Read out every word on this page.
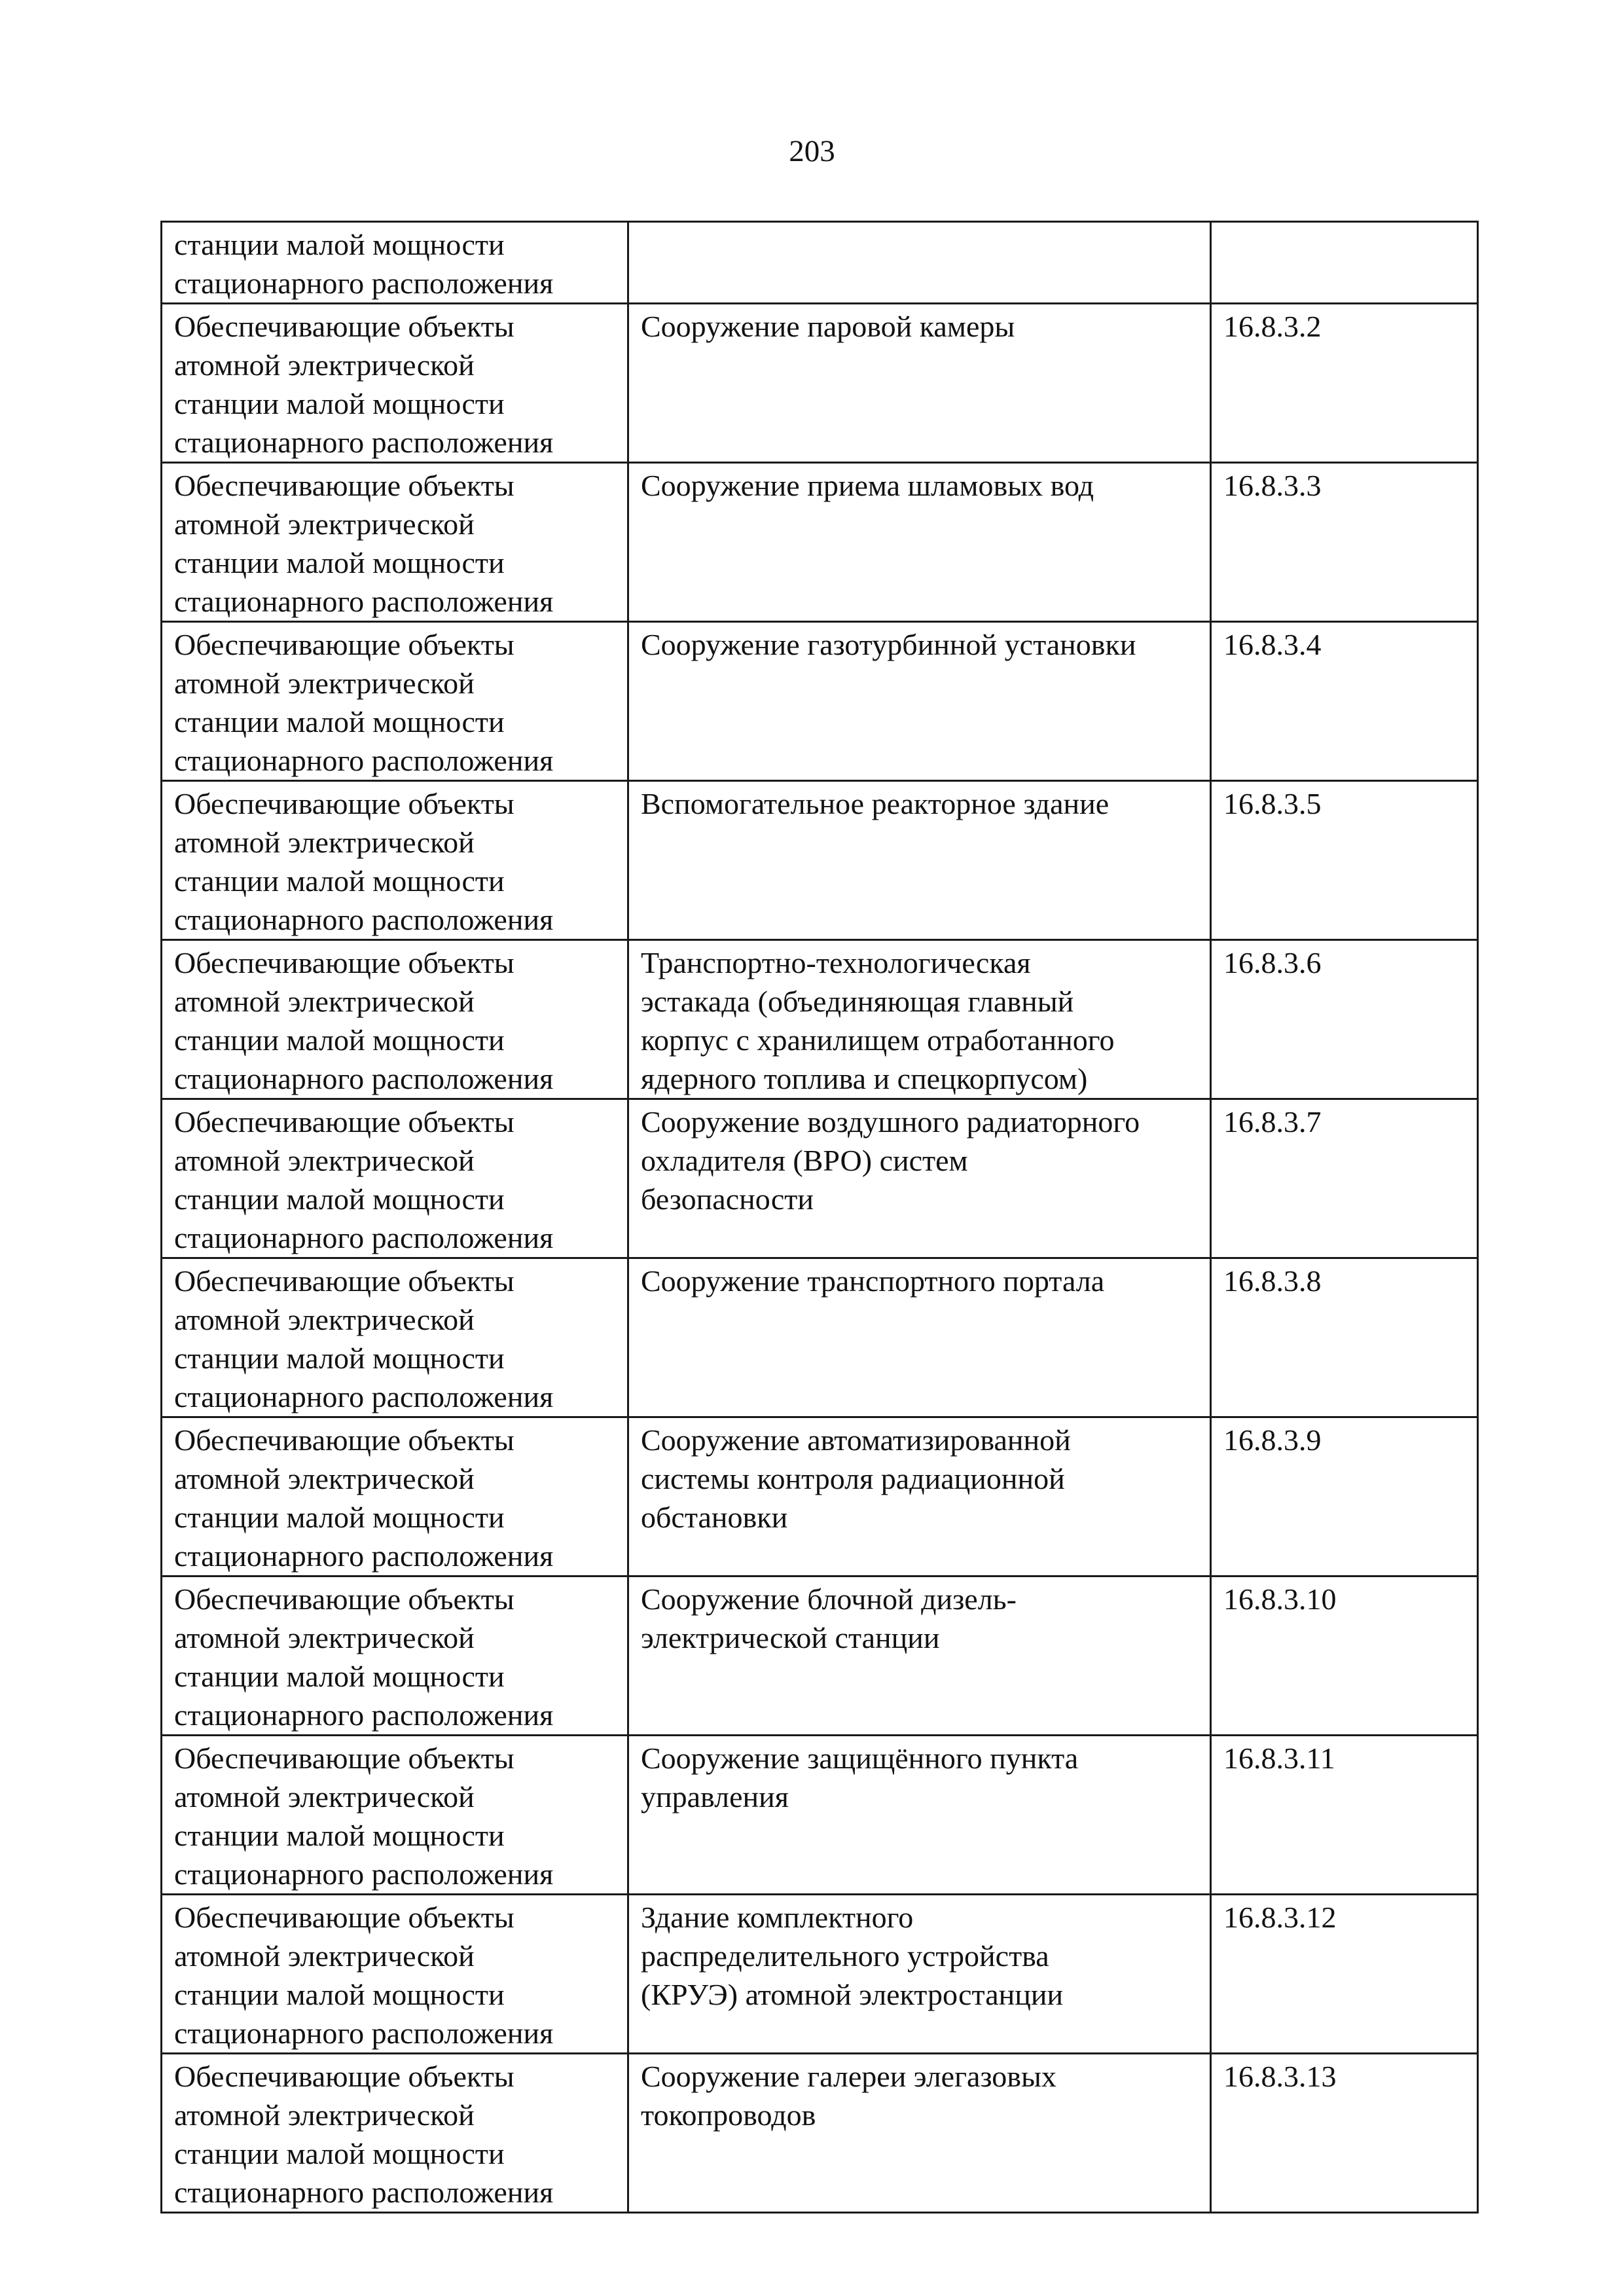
203
станции малой мощности
стационарного расположения		

Обеспечивающие объекты
атомной электрической
станции малой мощности
стационарного расположения	Сооружение паровой камеры	16.8.3.2

Обеспечивающие объекты
атомной электрической
станции малой мощности
стационарного расположения	Сооружение приема шламовых вод	16.8.3.3

Обеспечивающие объекты
атомной электрической
станции малой мощности
стационарного расположения	Сооружение газотурбинной установки	16.8.3.4

Обеспечивающие объекты
атомной электрической
станции малой мощности
стационарного расположения	Вспомогательное реакторное здание	16.8.3.5

Обеспечивающие объекты
атомной электрической
станции малой мощности
стационарного расположения	Транспортно-технологическая
эстакада (объединяющая главный
корпус с хранилищем отработанного
ядерного топлива и спецкорпусом)	16.8.3.6

Обеспечивающие объекты
атомной электрической
станции малой мощности
стационарного расположения	Сооружение воздушного радиаторного
охладителя (ВРО) систем
безопасности	16.8.3.7

Обеспечивающие объекты
атомной электрической
станции малой мощности
стационарного расположения	Сооружение транспортного портала	16.8.3.8

Обеспечивающие объекты
атомной электрической
станции малой мощности
стационарного расположения	Сооружение автоматизированной
системы контроля радиационной
обстановки	16.8.3.9

Обеспечивающие объекты
атомной электрической
станции малой мощности
стационарного расположения	Сооружение блочной дизель-
электрической станции	16.8.3.10

Обеспечивающие объекты
атомной электрической
станции малой мощности
стационарного расположения	Сооружение защищённого пункта
управления	16.8.3.11

Обеспечивающие объекты
атомной электрической
станции малой мощности
стационарного расположения	Здание комплектного
распределительного устройства
(КРУЭ) атомной электростанции	16.8.3.12

Обеспечивающие объекты
атомной электрической
станции малой мощности
стационарного расположения	Сооружение галереи элегазовых
токопроводов	16.8.3.13
